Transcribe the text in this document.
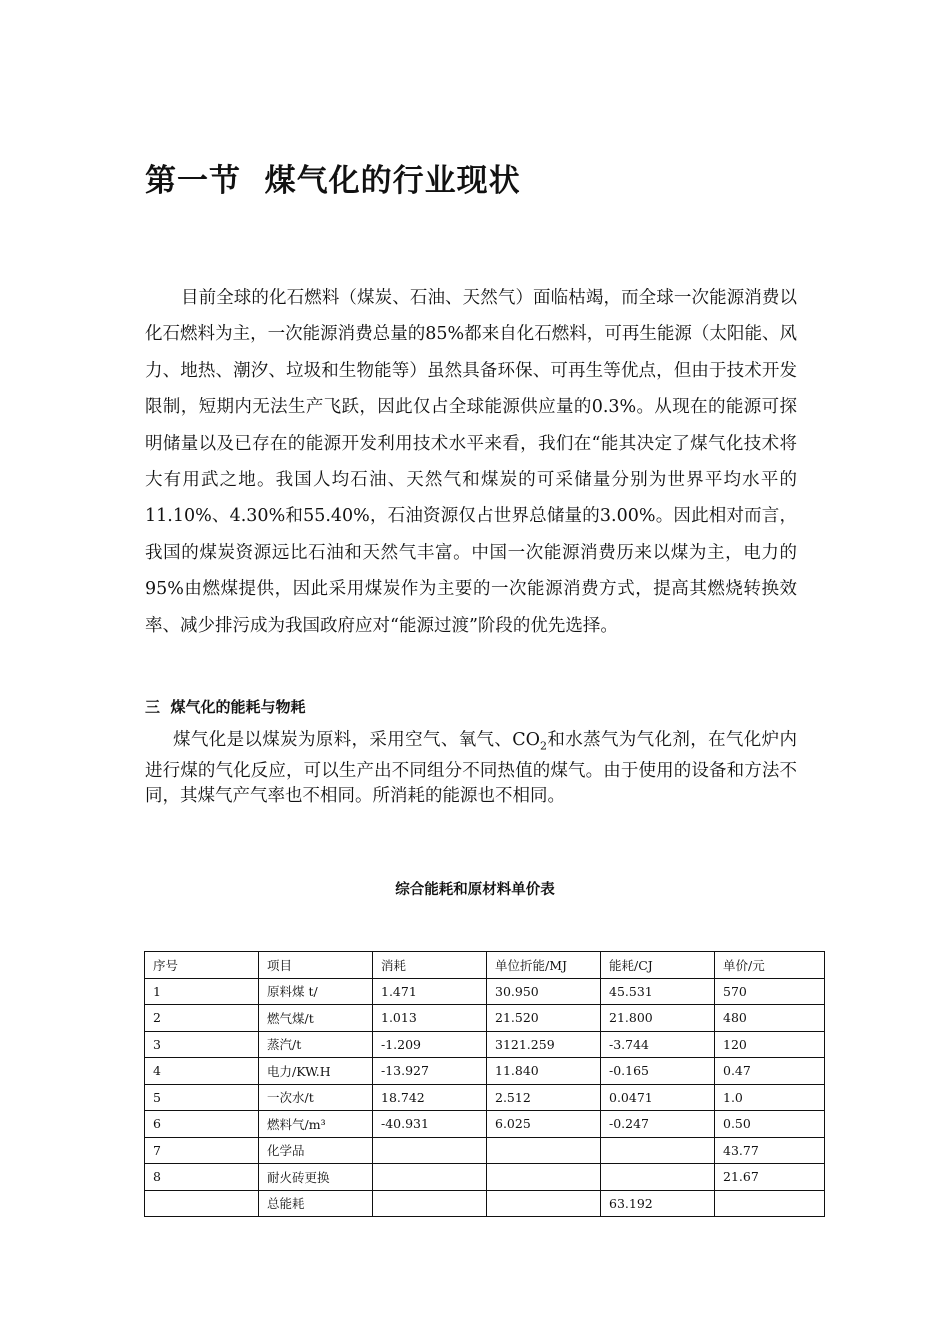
第一节  煤气化的行业现状

目前全球的化石燃料（煤炭、石油、天然气）面临枯竭，而全球一次能源消费以化石燃料为主，一次能源消费总量的85%都来自化石燃料，可再生能源（太阳能、风力、地热、潮汐、垃圾和生物能等）虽然具备环保、可再生等优点，但由于技术开发限制，短期内无法生产飞跃，因此仅占全球能源供应量的0.3%。从现在的能源可探明储量以及已存在的能源开发利用技术水平来看，我们在“能其决定了煤气化技术将大有用武之地。我国人均石油、天然气和煤炭的可采储量分别为世界平均水平的11.10%、4.30%和55.40%，石油资源仅占世界总储量的3.00%。因此相对而言，我国的煤炭资源远比石油和天然气丰富。中国一次能源消费历来以煤为主，电力的95%由燃煤提供，因此采用煤炭作为主要的一次能源消费方式，提高其燃烧转换效率、减少排污成为我国政府应对“能源过渡”阶段的优先选择。

三  煤气化的能耗与物耗

煤气化是以煤炭为原料，采用空气、氧气、$CO_2$和水蒸气为气化剂，在气化炉内进行煤的气化反应，可以生产出不同组分不同热值的煤气。由于使用的设备和方法不同，其煤气产气率也不相同。所消耗的能源也不相同。

综合能耗和原材料单价表
序号	项目	消耗	单位折能/MJ	能耗/CJ	单价/元
1	原料煤 t/	1.471	30.950	45.531	570
2	燃气煤/t	1.013	21.520	21.800	480
3	蒸汽/t	-1.209	3121.259	-3.744	120
4	电力/KW.H	-13.927	11.840	-0.165	0.47
5	一次水/t	18.742	2.512	0.0471	1.0
6	燃料气/m³	-40.931	6.025	-0.247	0.50
7	化学品				43.77
8	耐火砖更换				21.67
	总能耗			63.192	
